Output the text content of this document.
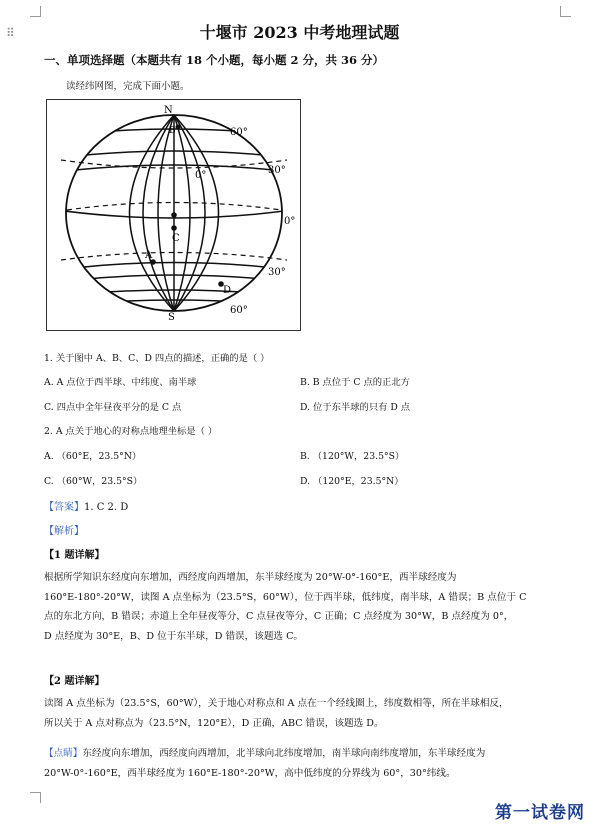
⠿	十堰市 2023 中考地理试题
一、单项选择题（本题共有 18 个小题，每小题 2 分，共 36 分）
读经纬网图，完成下面小题。
N
S
B
C
A
D
60°
0°	30°
0°
30°
60°
1. 关于图中 A、B、C、D 四点的描述，正确的是（ ）
A. A 点位于西半球、中纬度、南半球	B. B 点位于 C 点的正北方
C. 四点中全年昼夜平分的是 C 点	D. 位于东半球的只有 D 点
2. A 点关于地心的对称点地理坐标是（ ）
A. （60°E，23.5°N）	B. （120°W，23.5°S）
C. （60°W，23.5°S）	D. （120°E，23.5°N）
【答案】1. C 2. D
【解析】
【1 题详解】
根据所学知识东经度向东增加，西经度向西增加，东半球经度为 20°W-0°-160°E，西半球经度为
160°E-180°-20°W，读图 A 点坐标为（23.5°S，60°W），位于西半球，低纬度，南半球，A 错误；B 点位于 C
点的东北方向，B 错误；赤道上全年昼夜等分，C 点昼夜等分，C 正确；C 点经度为 30°W，B 点经度为 0°，
D 点经度为 30°E，B、D 位于东半球，D 错误，该题选 C。
【2 题详解】
读图 A 点坐标为（23.5°S，60°W），关于地心对称点和 A 点在一个经线圈上，纬度数相等，所在半球相反，
所以关于 A 点对称点为（23.5°N，120°E），D 正确，ABC 错误，该题选 D。
【点睛】东经度向东增加，西经度向西增加，北半球向北纬度增加，南半球向南纬度增加，东半球经度为
20°W-0°-160°E，西半球经度为 160°E-180°-20°W，高中低纬度的分界线为 60°，30°纬线。
第一试卷网
